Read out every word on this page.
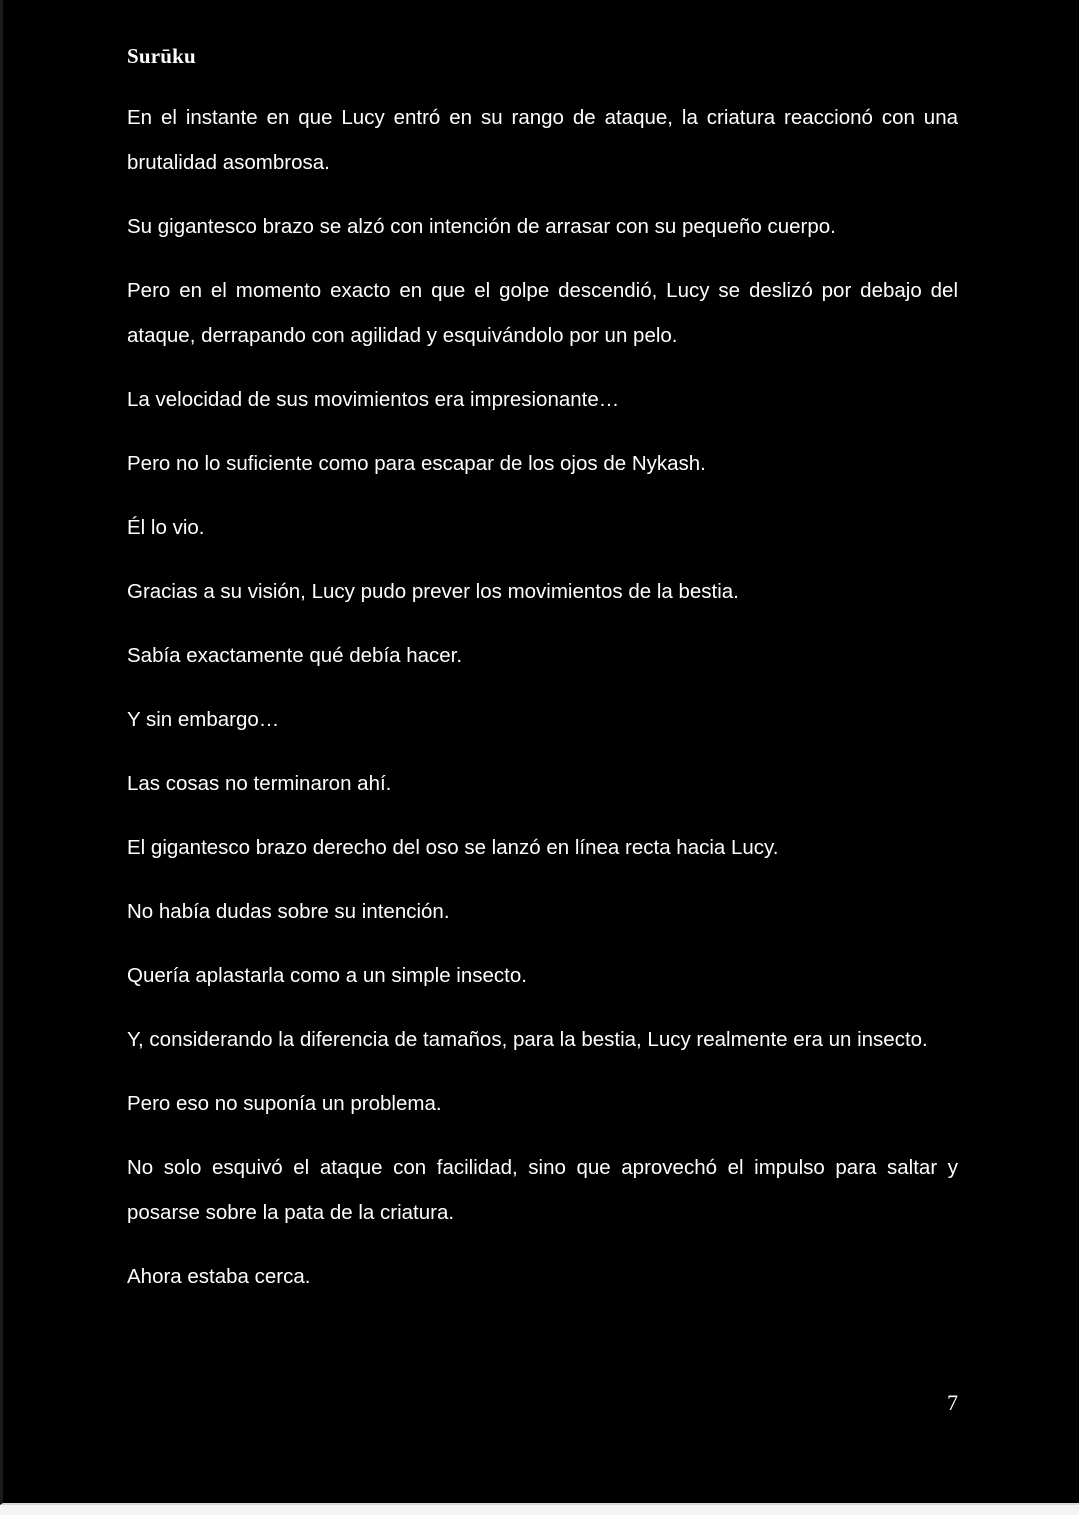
Surūku

En el instante en que Lucy entró en su rango de ataque, la criatura reaccionó con una brutalidad asombrosa.

Su gigantesco brazo se alzó con intención de arrasar con su pequeño cuerpo.

Pero en el momento exacto en que el golpe descendió, Lucy se deslizó por debajo del ataque, derrapando con agilidad y esquivándolo por un pelo.

La velocidad de sus movimientos era impresionante…

Pero no lo suficiente como para escapar de los ojos de Nykash.

Él lo vio.

Gracias a su visión, Lucy pudo prever los movimientos de la bestia.

Sabía exactamente qué debía hacer.

Y sin embargo…

Las cosas no terminaron ahí.

El gigantesco brazo derecho del oso se lanzó en línea recta hacia Lucy.

No había dudas sobre su intención.

Quería aplastarla como a un simple insecto.

Y, considerando la diferencia de tamaños, para la bestia, Lucy realmente era un insecto.

Pero eso no suponía un problema.

No solo esquivó el ataque con facilidad, sino que aprovechó el impulso para saltar y posarse sobre la pata de la criatura.

Ahora estaba cerca.

7
